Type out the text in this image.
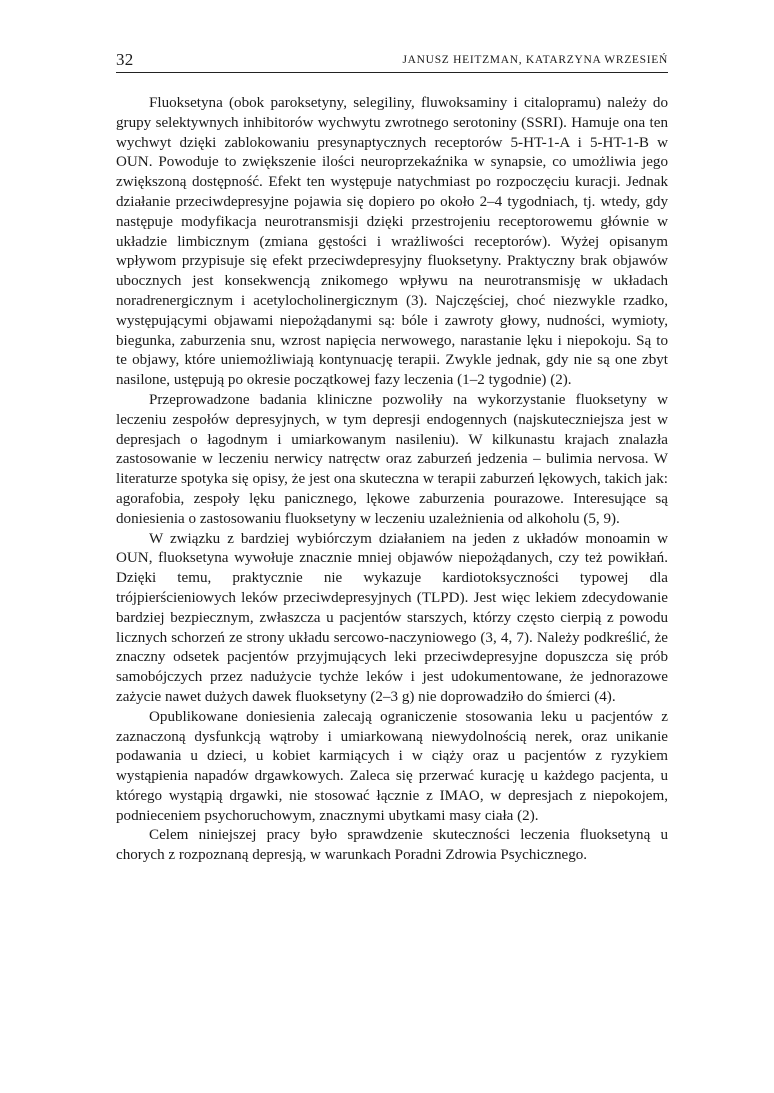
32	JANUSZ HEITZMAN, KATARZYNA WRZESIEŃ

Fluoksetyna (obok paroksetyny, selegiliny, fluwoksaminy i citalopramu) należy do grupy selektywnych inhibitorów wychwytu zwrotnego serotoniny (SSRI). Hamuje ona ten wychwyt dzięki zablokowaniu presynaptycznych receptorów 5-HT-1-A i 5-HT-1-B w OUN. Powoduje to zwiększenie ilości neuroprzekaźnika w synapsie, co umożliwia jego zwiększoną dostępność. Efekt ten występuje natychmiast po rozpoczęciu kuracji. Jednak działanie przeciwdepresyjne pojawia się dopiero po około 2–4 tygodniach, tj. wtedy, gdy następuje modyfikacja neurotransmisji dzięki przestrojeniu receptorowemu głównie w układzie limbicznym (zmiana gęstości i wrażliwości receptorów). Wyżej opisanym wpływom przypisuje się efekt przeciwdepresyjny fluoksetyny. Praktyczny brak objawów ubocznych jest konsekwencją znikomego wpływu na neurotransmisję w układach noradrenergicznym i acetylocholinergicznym (3). Najczęściej, choć niezwykle rzadko, występującymi objawami niepożądanymi są: bóle i zawroty głowy, nudności, wymioty, biegunka, zaburzenia snu, wzrost napięcia nerwowego, narastanie lęku i niepokoju. Są to te objawy, które uniemożliwiają kontynuację terapii. Zwykle jednak, gdy nie są one zbyt nasilone, ustępują po okresie początkowej fazy leczenia (1–2 tygodnie) (2).

Przeprowadzone badania kliniczne pozwoliły na wykorzystanie fluoksetyny w leczeniu zespołów depresyjnych, w tym depresji endogennych (najskuteczniejsza jest w depresjach o łagodnym i umiarkowanym nasileniu). W kilkunastu krajach znalazła zastosowanie w leczeniu nerwicy natręctw oraz zaburzeń jedzenia – bulimia nervosa. W literaturze spotyka się opisy, że jest ona skuteczna w terapii zaburzeń lękowych, takich jak: agorafobia, zespoły lęku panicznego, lękowe zaburzenia pourazowe. Interesujące są doniesienia o zastosowaniu fluoksetyny w leczeniu uzależnienia od alkoholu (5, 9).

W związku z bardziej wybiórczym działaniem na jeden z układów monoamin w OUN, fluoksetyna wywołuje znacznie mniej objawów niepożądanych, czy też powikłań. Dzięki temu, praktycznie nie wykazuje kardiotoksyczności typowej dla trójpierścieniowych leków przeciwdepresyjnych (TLPD). Jest więc lekiem zdecydowanie bardziej bezpiecznym, zwłaszcza u pacjentów starszych, którzy często cierpią z powodu licznych schorzeń ze strony układu sercowo-naczyniowego (3, 4, 7). Należy podkreślić, że znaczny odsetek pacjentów przyjmujących leki przeciwdepresyjne dopuszcza się prób samobójczych przez nadużycie tychże leków i jest udokumentowane, że jednorazowe zażycie nawet dużych dawek fluoksetyny (2–3 g) nie doprowadziło do śmierci (4).

Opublikowane doniesienia zalecają ograniczenie stosowania leku u pacjentów z zaznaczoną dysfunkcją wątroby i umiarkowaną niewydolnością nerek, oraz unikanie podawania u dzieci, u kobiet karmiących i w ciąży oraz u pacjentów z ryzykiem wystąpienia napadów drgawkowych. Zaleca się przerwać kurację u każdego pacjenta, u którego wystąpią drgawki, nie stosować łącznie z IMAO, w depresjach z niepokojem, podnieceniem psychoruchowym, znacznymi ubytkami masy ciała (2).

Celem niniejszej pracy było sprawdzenie skuteczności leczenia fluoksetyną u chorych z rozpoznaną depresją, w warunkach Poradni Zdrowia Psychicznego.
